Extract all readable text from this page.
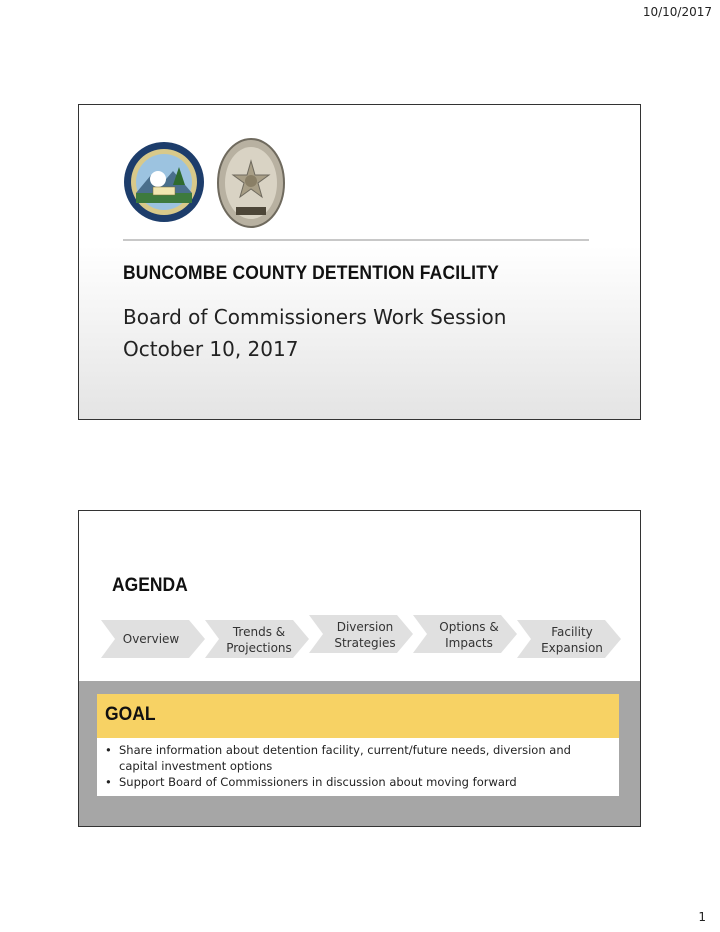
10/10/2017
BUNCOMBE COUNTY DETENTION FACILITY
Board of Commissioners Work Session
October 10, 2017
AGENDA
Overview	Trends &
Projections
Diversion
Strategies
Options &
Impacts
Facility
Expansion
GOAL
• Share information about detention facility, current/future needs, diversion and capital investment options
• Support Board of Commissioners in discussion about moving forward
1
